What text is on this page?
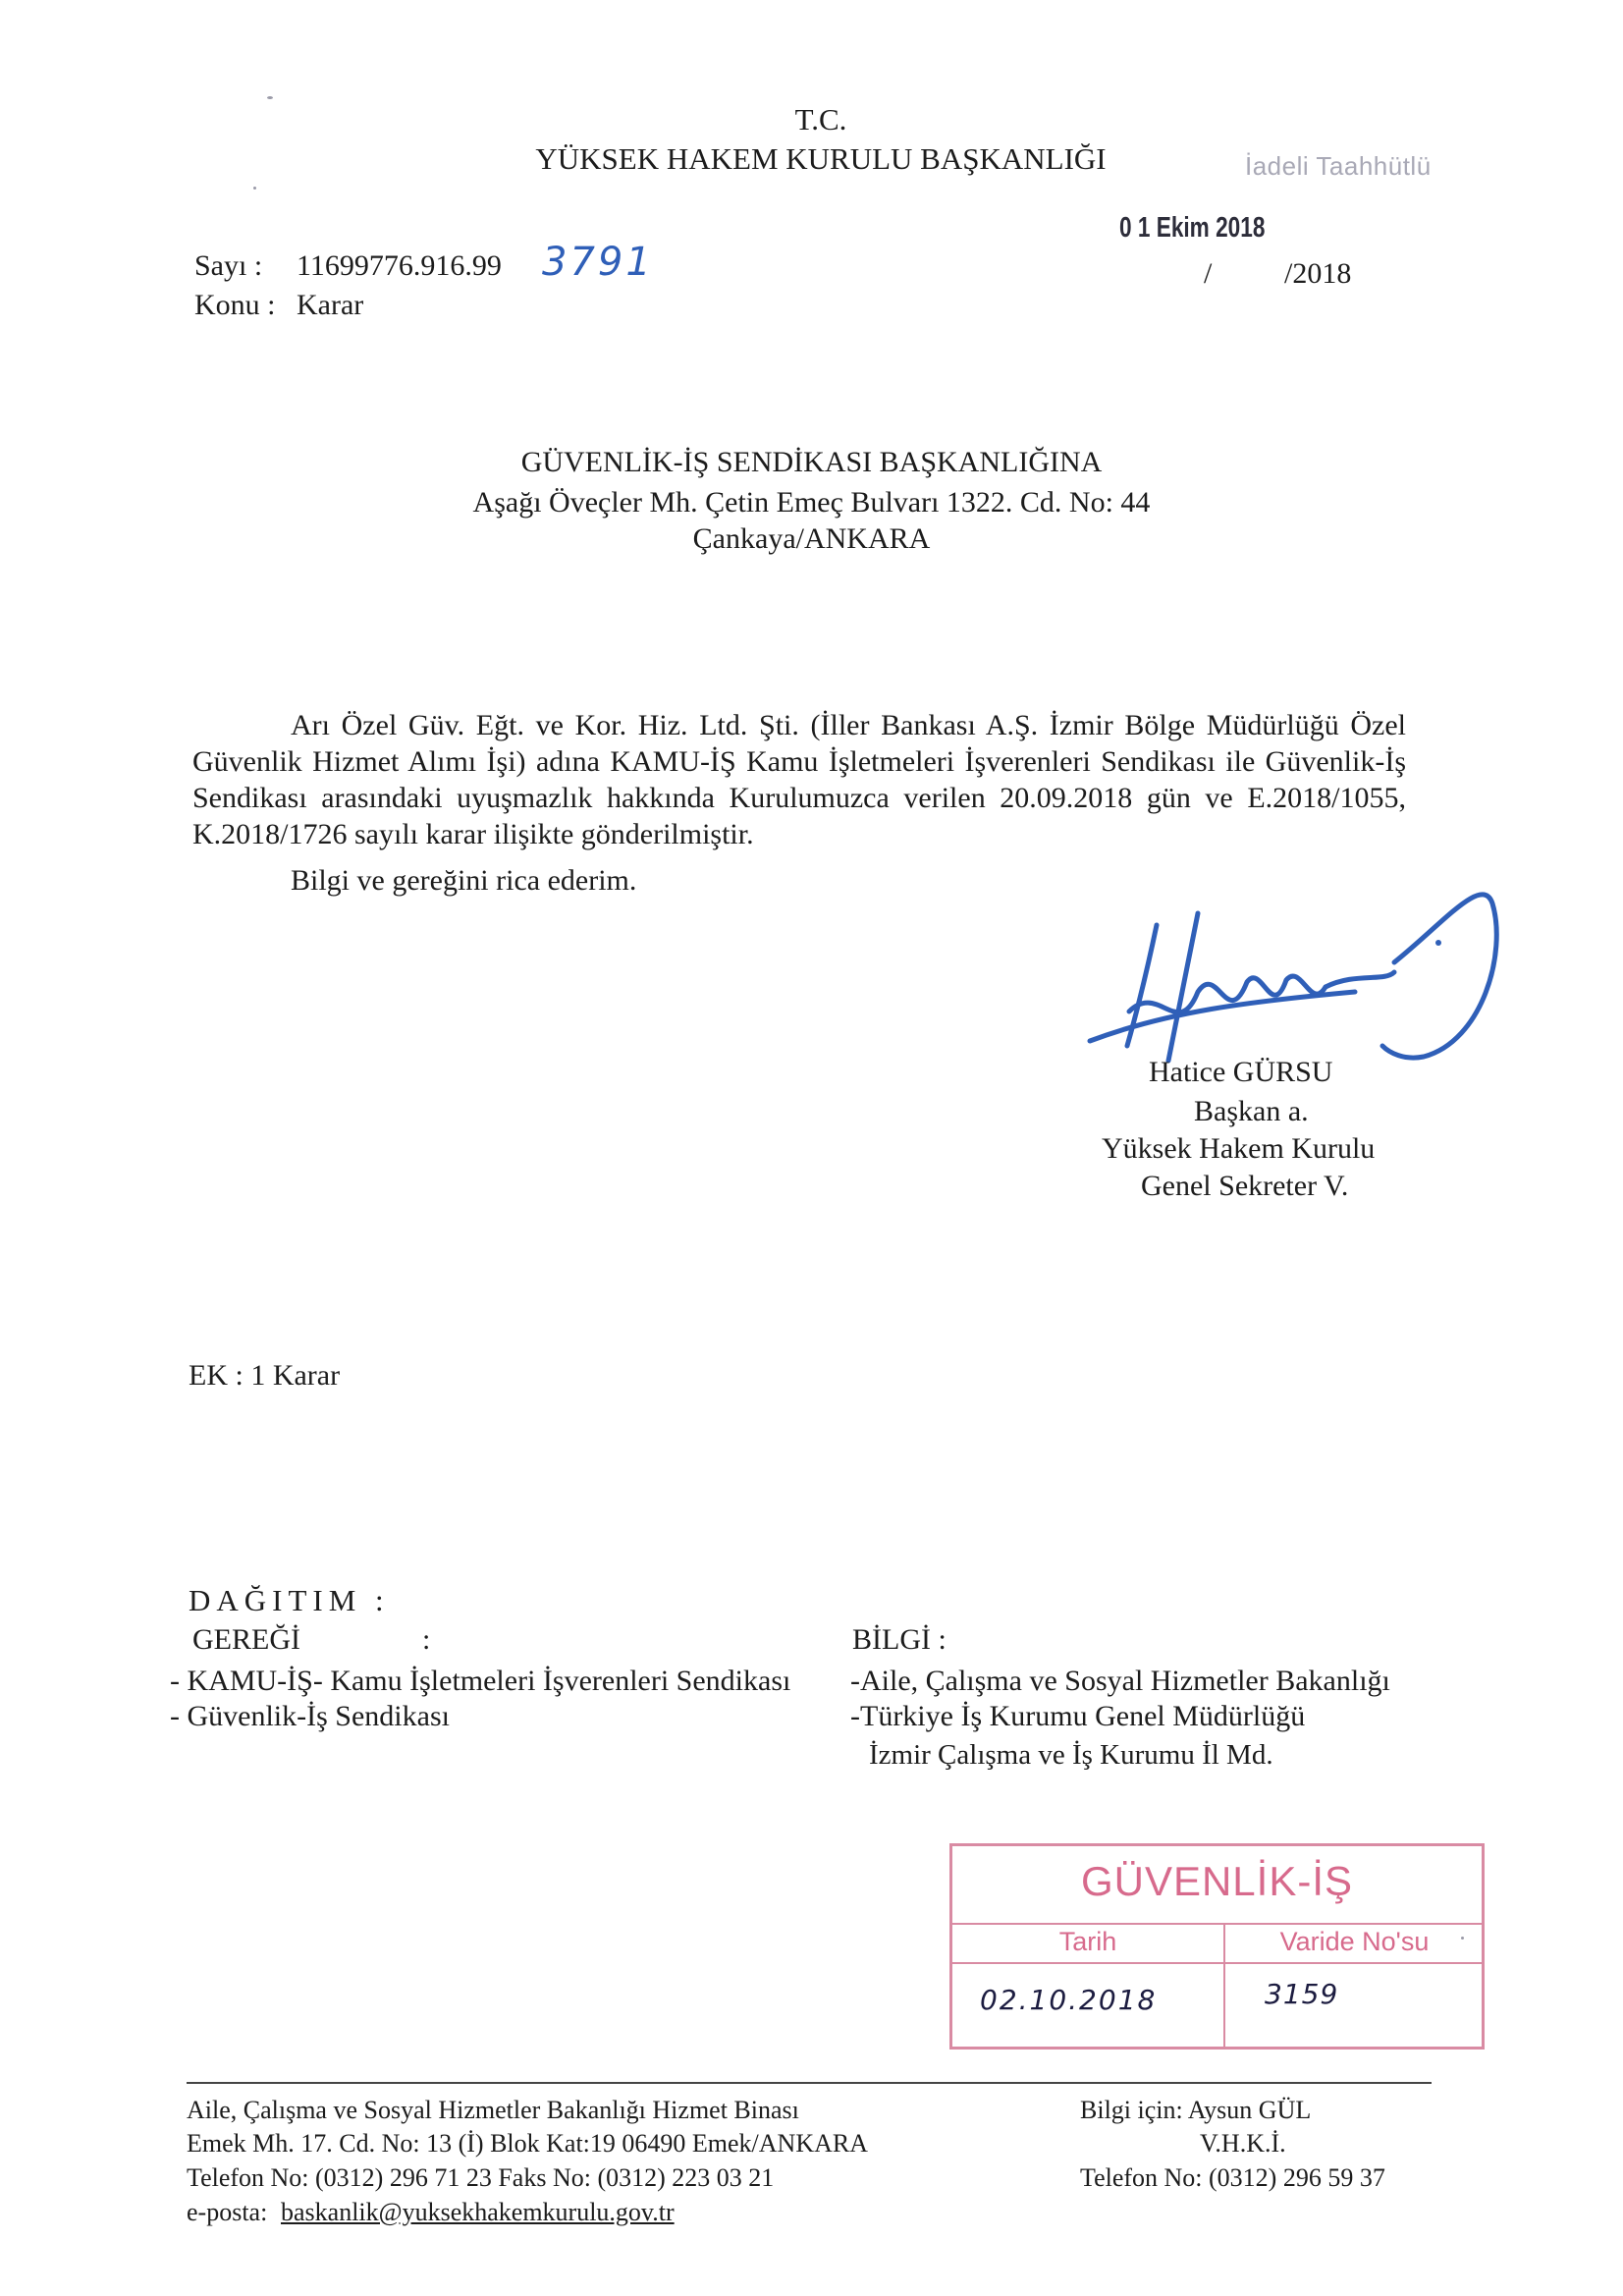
T.C.
YÜKSEK HAKEM KURULU BAŞKANLIĞI	İadeli Taahhütlü
0 1 Ekim 2018
Sayı : 11699776.916.99 3791	/ /2018
Konu : Karar
GÜVENLİK-İŞ SENDİKASI BAŞKANLIĞINA
Aşağı Öveçler Mh. Çetin Emeç Bulvarı 1322. Cd. No: 44
Çankaya/ANKARA

Arı Özel Güv. Eğt. ve Kor. Hiz. Ltd. Şti. (İller Bankası A.Ş. İzmir Bölge Müdürlüğü Özel Güvenlik Hizmet Alımı İşi) adına KAMU-İŞ Kamu İşletmeleri İşverenleri Sendikası ile Güvenlik-İş Sendikası arasındaki uyuşmazlık hakkında Kurulumuzca verilen 20.09.2018 gün ve E.2018/1055, K.2018/1726 sayılı karar ilişikte gönderilmiştir.

Bilgi ve gereğini rica ederim.
Hatice GÜRSU
Başkan a.
Yüksek Hakem Kurulu
Genel Sekreter V.
EK : 1 Karar
DAĞITIM :
GEREĞİ	:
- KAMU-İŞ- Kamu İşletmeleri İşverenleri Sendikası
- Güvenlik-İş Sendikası
BİLGİ :
-Aile, Çalışma ve Sosyal Hizmetler Bakanlığı
-Türkiye İş Kurumu Genel Müdürlüğü
İzmir Çalışma ve İş Kurumu İl Md.
GÜVENLİK-İŞ
Tarih	Varide No'su
02.10.2018	3159
Aile, Çalışma ve Sosyal Hizmetler Bakanlığı Hizmet Binası
Emek Mh. 17. Cd. No: 13 (İ) Blok Kat:19 06490 Emek/ANKARA
Telefon No: (0312) 296 71 23 Faks No: (0312) 223 03 21
e-posta: baskanlik@yuksekhakemkurulu.gov.tr
Bilgi için: Aysun GÜL
V.H.K.İ.
Telefon No: (0312) 296 59 37
